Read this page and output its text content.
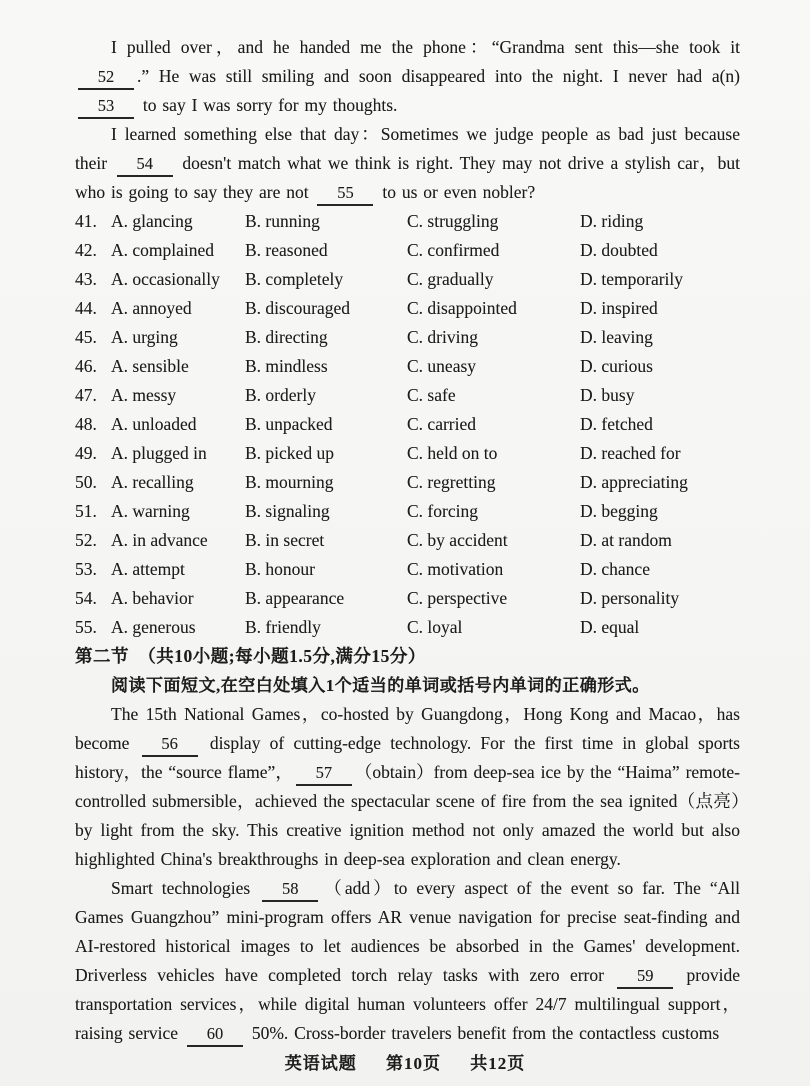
I pulled over，and he handed me the phone：“Grandma sent this—she took it 52 .” He was still smiling and soon disappeared into the night. I never had a(n) 53 to say I was sorry for my thoughts.

I learned something else that day：Sometimes we judge people as bad just because their 54 doesn't match what we think is right. They may not drive a stylish car，but who is going to say they are not 55 to us or even nobler?

41. A. glancing	B. running	C. struggling	D. riding
42. A. complained	B. reasoned	C. confirmed	D. doubted
43. A. occasionally	B. completely	C. gradually	D. temporarily
44. A. annoyed	B. discouraged	C. disappointed	D. inspired
45. A. urging	B. directing	C. driving	D. leaving
46. A. sensible	B. mindless	C. uneasy	D. curious
47. A. messy	B. orderly	C. safe	D. busy
48. A. unloaded	B. unpacked	C. carried	D. fetched
49. A. plugged in	B. picked up	C. held on to	D. reached for
50. A. recalling	B. mourning	C. regretting	D. appreciating
51. A. warning	B. signaling	C. forcing	D. begging
52. A. in advance	B. in secret	C. by accident	D. at random
53. A. attempt	B. honour	C. motivation	D. chance
54. A. behavior	B. appearance	C. perspective	D. personality
55. A. generous	B. friendly	C. loyal	D. equal

第二节　（共10小题;每小题1.5分,满分15分）

阅读下面短文,在空白处填入1个适当的单词或括号内单词的正确形式。

The 15th National Games，co-hosted by Guangdong，Hong Kong and Macao，has become 56 display of cutting-edge technology. For the first time in global sports history，the “source flame”， 57 （obtain）from deep-sea ice by the “Haima” remote-controlled submersible，achieved the spectacular scene of fire from the sea ignited（点亮）by light from the sky. This creative ignition method not only amazed the world but also highlighted China's breakthroughs in deep-sea exploration and clean energy.

Smart technologies 58 （add）to every aspect of the event so far. The “All Games Guangzhou” mini-program offers AR venue navigation for precise seat-finding and AI-restored historical images to let audiences be absorbed in the Games' development. Driverless vehicles have completed torch relay tasks with zero error 59 provide transportation services，while digital human volunteers offer 24/7 multilingual support，raising service 60 50%. Cross-border travelers benefit from the contactless customs

英语试题 第10页 共12页
